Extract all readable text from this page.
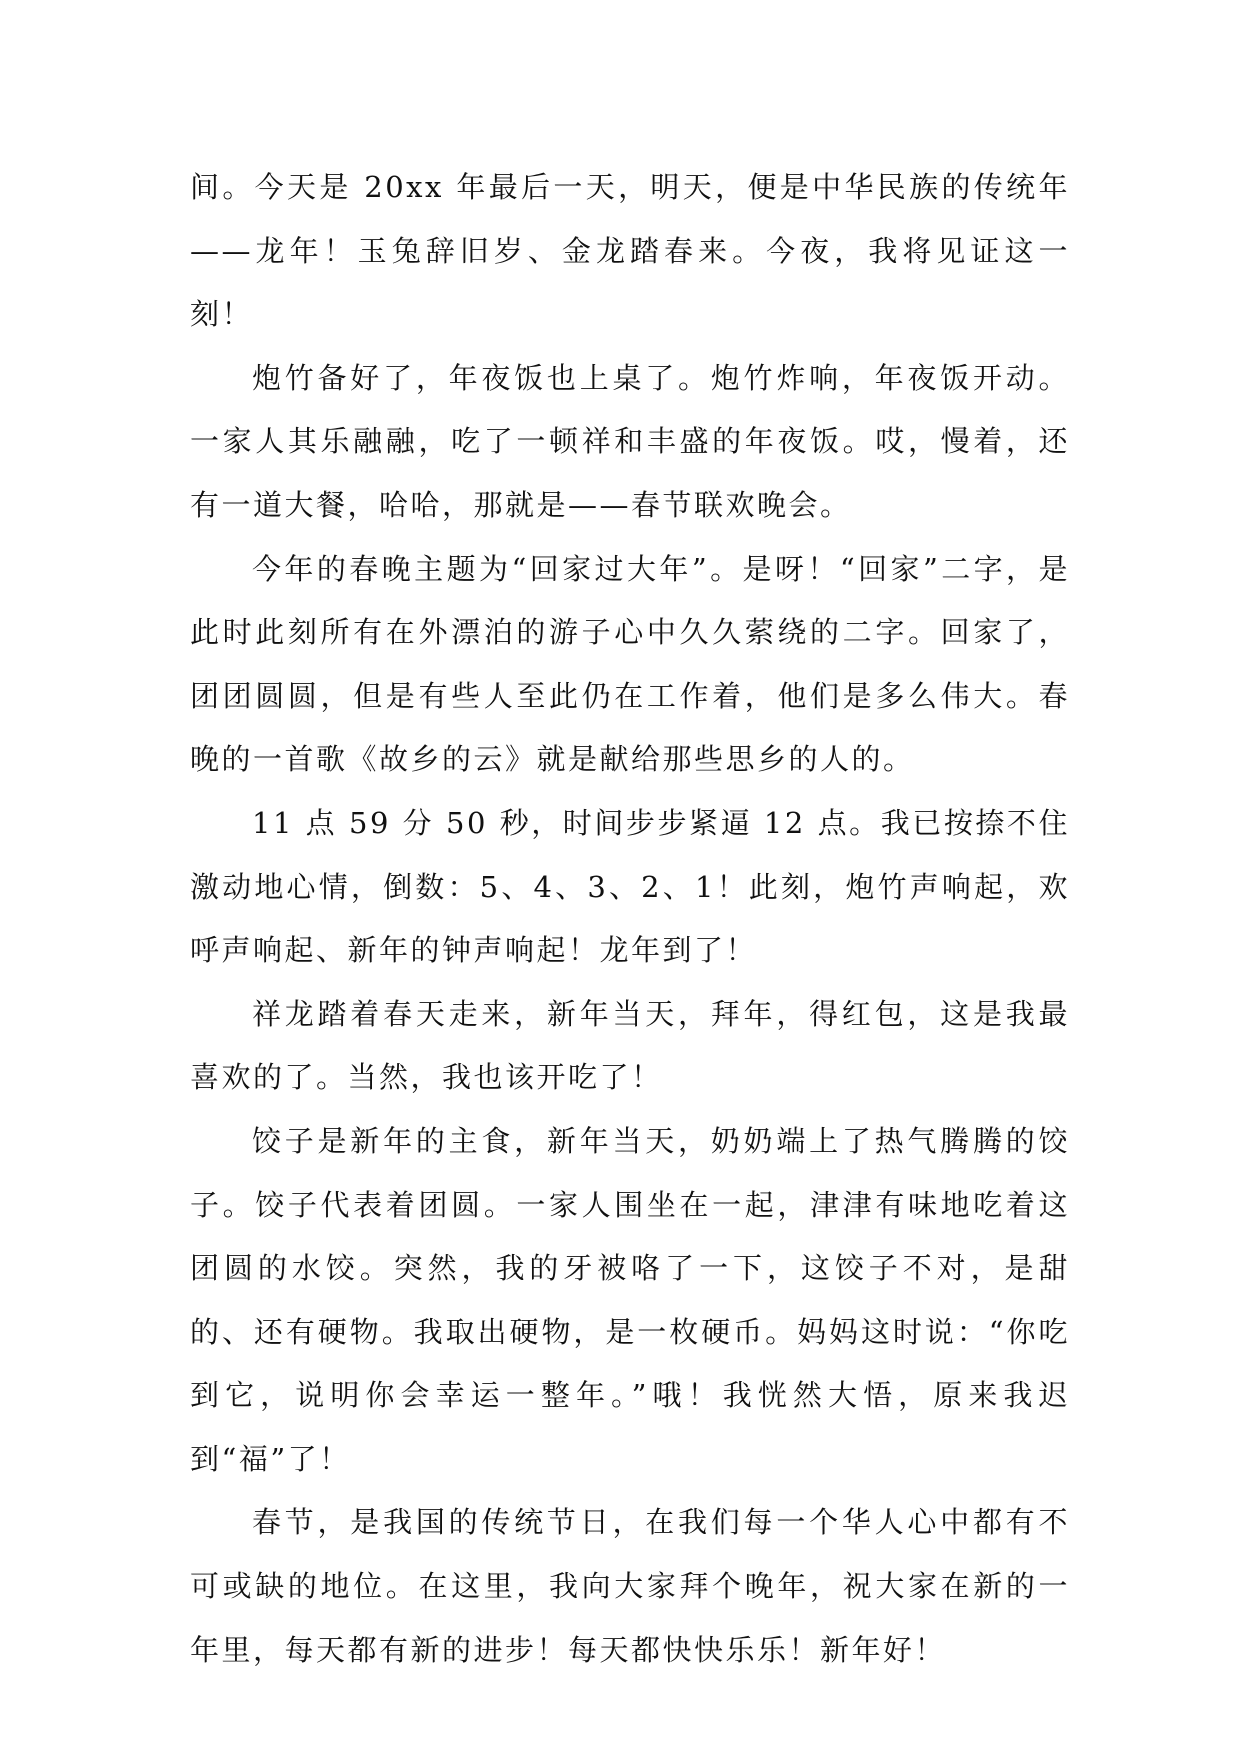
间。今天是 20xx 年最后一天，明天，便是中华民族的传统年——龙年！玉兔辞旧岁、金龙踏春来。今夜，我将见证这一刻！

炮竹备好了，年夜饭也上桌了。炮竹炸响，年夜饭开动。一家人其乐融融，吃了一顿祥和丰盛的年夜饭。哎，慢着，还有一道大餐，哈哈，那就是——春节联欢晚会。

今年的春晚主题为“回家过大年”。是呀！“回家”二字，是此时此刻所有在外漂泊的游子心中久久萦绕的二字。回家了，团团圆圆，但是有些人至此仍在工作着，他们是多么伟大。春晚的一首歌《故乡的云》就是献给那些思乡的人的。

11 点 59 分 50 秒，时间步步紧逼 12 点。我已按捺不住激动地心情，倒数：5、4、3、2、1！此刻，炮竹声响起，欢呼声响起、新年的钟声响起！龙年到了！

祥龙踏着春天走来，新年当天，拜年，得红包，这是我最喜欢的了。当然，我也该开吃了！

饺子是新年的主食，新年当天，奶奶端上了热气腾腾的饺子。饺子代表着团圆。一家人围坐在一起，津津有味地吃着这团圆的水饺。突然，我的牙被咯了一下，这饺子不对，是甜的、还有硬物。我取出硬物，是一枚硬币。妈妈这时说：“你吃到它，说明你会幸运一整年。”哦！我恍然大悟，原来我迟到“福”了！

春节，是我国的传统节日，在我们每一个华人心中都有不可或缺的地位。在这里，我向大家拜个晚年，祝大家在新的一年里，每天都有新的进步！每天都快快乐乐！新年好！
